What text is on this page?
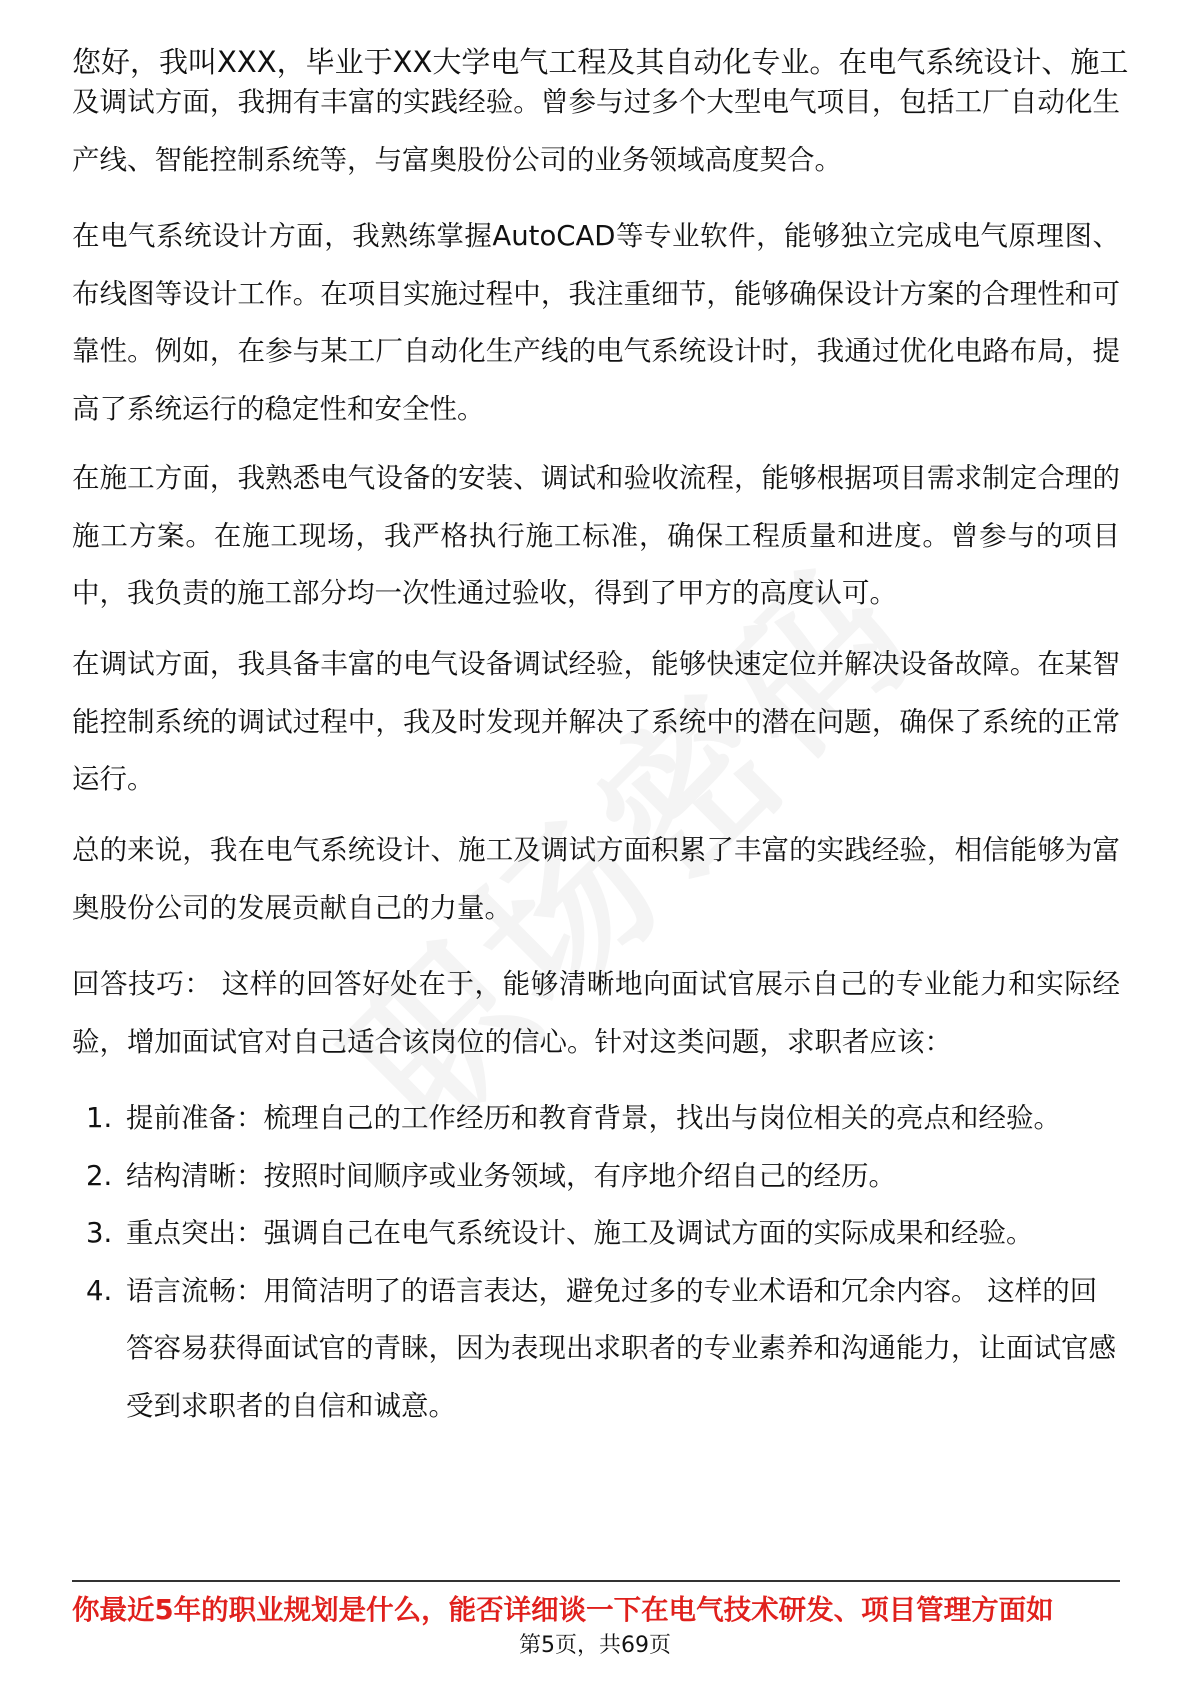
您好，我叫XXX，毕业于XX大学电气工程及其自动化专业。在电气系统设计、施工

及调试方面，我拥有丰富的实践经验。曾参与过多个大型电气项目，包括工厂自动化生产线、智能控制系统等，与富奥股份公司的业务领域高度契合。

在电气系统设计方面，我熟练掌握AutoCAD等专业软件，能够独立完成电气原理图、布线图等设计工作。在项目实施过程中，我注重细节，能够确保设计方案的合理性和可靠性。例如，在参与某工厂自动化生产线的电气系统设计时，我通过优化电路布局，提高了系统运行的稳定性和安全性。

在施工方面，我熟悉电气设备的安装、调试和验收流程，能够根据项目需求制定合理的施工方案。在施工现场，我严格执行施工标准，确保工程质量和进度。曾参与的项目中，我负责的施工部分均一次性通过验收，得到了甲方的高度认可。

在调试方面，我具备丰富的电气设备调试经验，能够快速定位并解决设备故障。在某智能控制系统的调试过程中，我及时发现并解决了系统中的潜在问题，确保了系统的正常运行。

总的来说，我在电气系统设计、施工及调试方面积累了丰富的实践经验，相信能够为富奥股份公司的发展贡献自己的力量。

回答技巧： 这样的回答好处在于，能够清晰地向面试官展示自己的专业能力和实际经验，增加面试官对自己适合该岗位的信心。针对这类问题，求职者应该：

1. 提前准备：梳理自己的工作经历和教育背景，找出与岗位相关的亮点和经验。
2. 结构清晰：按照时间顺序或业务领域，有序地介绍自己的经历。
3. 重点突出：强调自己在电气系统设计、施工及调试方面的实际成果和经验。
4. 语言流畅：用简洁明了的语言表达，避免过多的专业术语和冗余内容。 这样的回答容易获得面试官的青睐，因为表现出求职者的专业素养和沟通能力，让面试官感受到求职者的自信和诚意。
你最近5年的职业规划是什么，能否详细谈一下在电气技术研发、项目管理方面如
第5页，共69页
